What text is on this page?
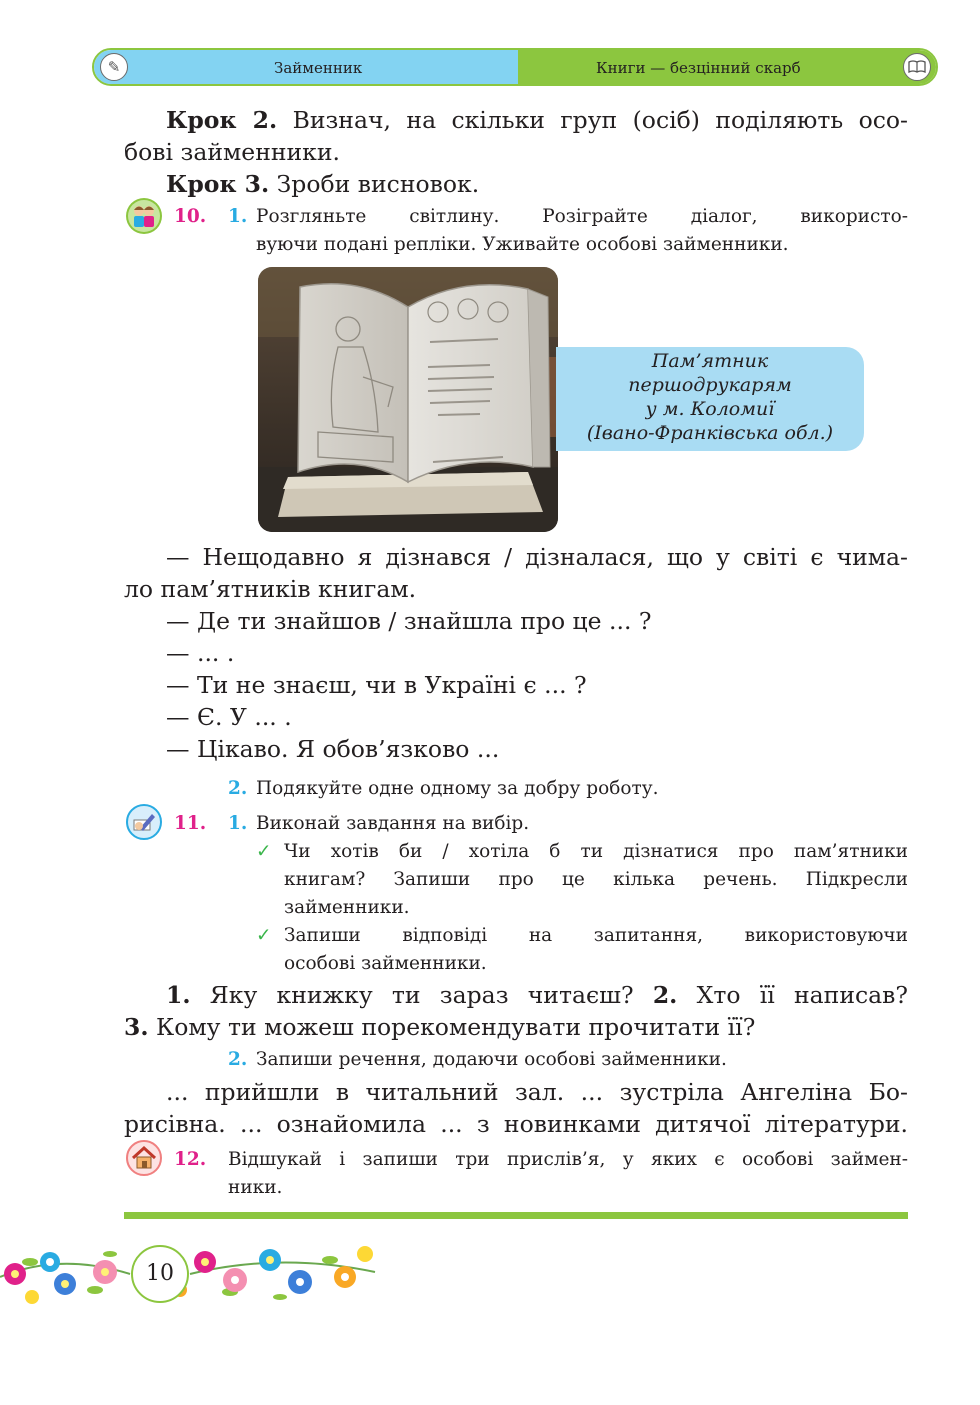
✎	Займенник	Книги — безцінний скарб
Крок 2. Визнач, на скільки груп (осіб) поділяють осо-
бові займенники.
Крок 3. Зроби висновок.
10. 1. Розгляньте світлину. Розіграйте діалог, використо-
вуючи подані репліки. Уживайте особові займенники.
Пам’ятник
першодрукарям
у м. Коломиї
(Івано-Франківська обл.)
— Нещодавно я дізнався / дізналася, що у світі є чима-
ло пам’ятників книгам.
— Де ти знайшов / знайшла про це ... ?
— ... .
— Ти не знаєш, чи в Україні є ... ?
— Є. У ... .
— Цікаво. Я обов’язково ...
2. Подякуйте одне одному за добру роботу.
11. 1. Виконай завдання на вибір.
✓ Чи хотів би / хотіла б ти дізнатися про пам’ятники
книгам? Запиши про це кілька речень. Підкресли
займенники.
✓ Запиши відповіді на запитання, використовуючи
особові займенники.
1. Яку книжку ти зараз читаєш? 2. Хто її написав?
3. Кому ти можеш порекомендувати прочитати її?
2. Запиши речення, додаючи особові займенники.
... прийшли в читальний зал. ... зустріла Ангеліна Бо-
рисівна. ... ознайомила ... з новинками дитячої літератури.
12. Відшукай і запиши три прислів’я, у яких є особові займен-
ники.
10
